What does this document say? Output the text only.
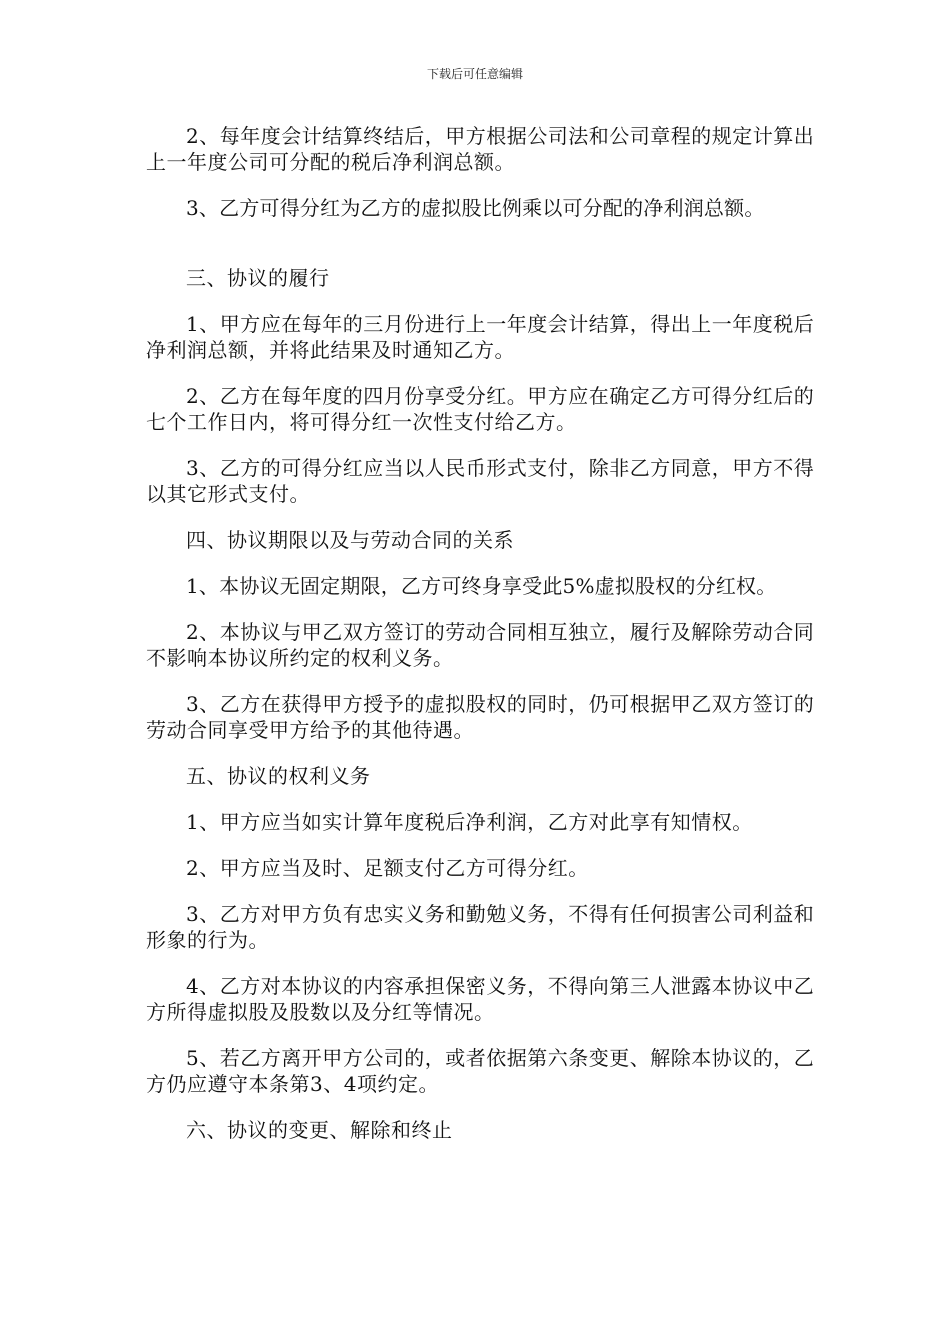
下载后可任意编辑

2、每年度会计结算终结后，甲方根据公司法和公司章程的规定计算出上一年度公司可分配的税后净利润总额。

3、乙方可得分红为乙方的虚拟股比例乘以可分配的净利润总额。

三、协议的履行

1、甲方应在每年的三月份进行上一年度会计结算，得出上一年度税后净利润总额，并将此结果及时通知乙方。

2、乙方在每年度的四月份享受分红。甲方应在确定乙方可得分红后的七个工作日内，将可得分红一次性支付给乙方。

3、乙方的可得分红应当以人民币形式支付，除非乙方同意，甲方不得以其它形式支付。

四、协议期限以及与劳动合同的关系

1、本协议无固定期限，乙方可终身享受此5%虚拟股权的分红权。

2、本协议与甲乙双方签订的劳动合同相互独立，履行及解除劳动合同不影响本协议所约定的权利义务。

3、乙方在获得甲方授予的虚拟股权的同时，仍可根据甲乙双方签订的劳动合同享受甲方给予的其他待遇。

五、协议的权利义务

1、甲方应当如实计算年度税后净利润，乙方对此享有知情权。

2、甲方应当及时、足额支付乙方可得分红。

3、乙方对甲方负有忠实义务和勤勉义务，不得有任何损害公司利益和形象的行为。

4、乙方对本协议的内容承担保密义务，不得向第三人泄露本协议中乙方所得虚拟股及股数以及分红等情况。

5、若乙方离开甲方公司的，或者依据第六条变更、解除本协议的，乙方仍应遵守本条第3、4项约定。

六、协议的变更、解除和终止
